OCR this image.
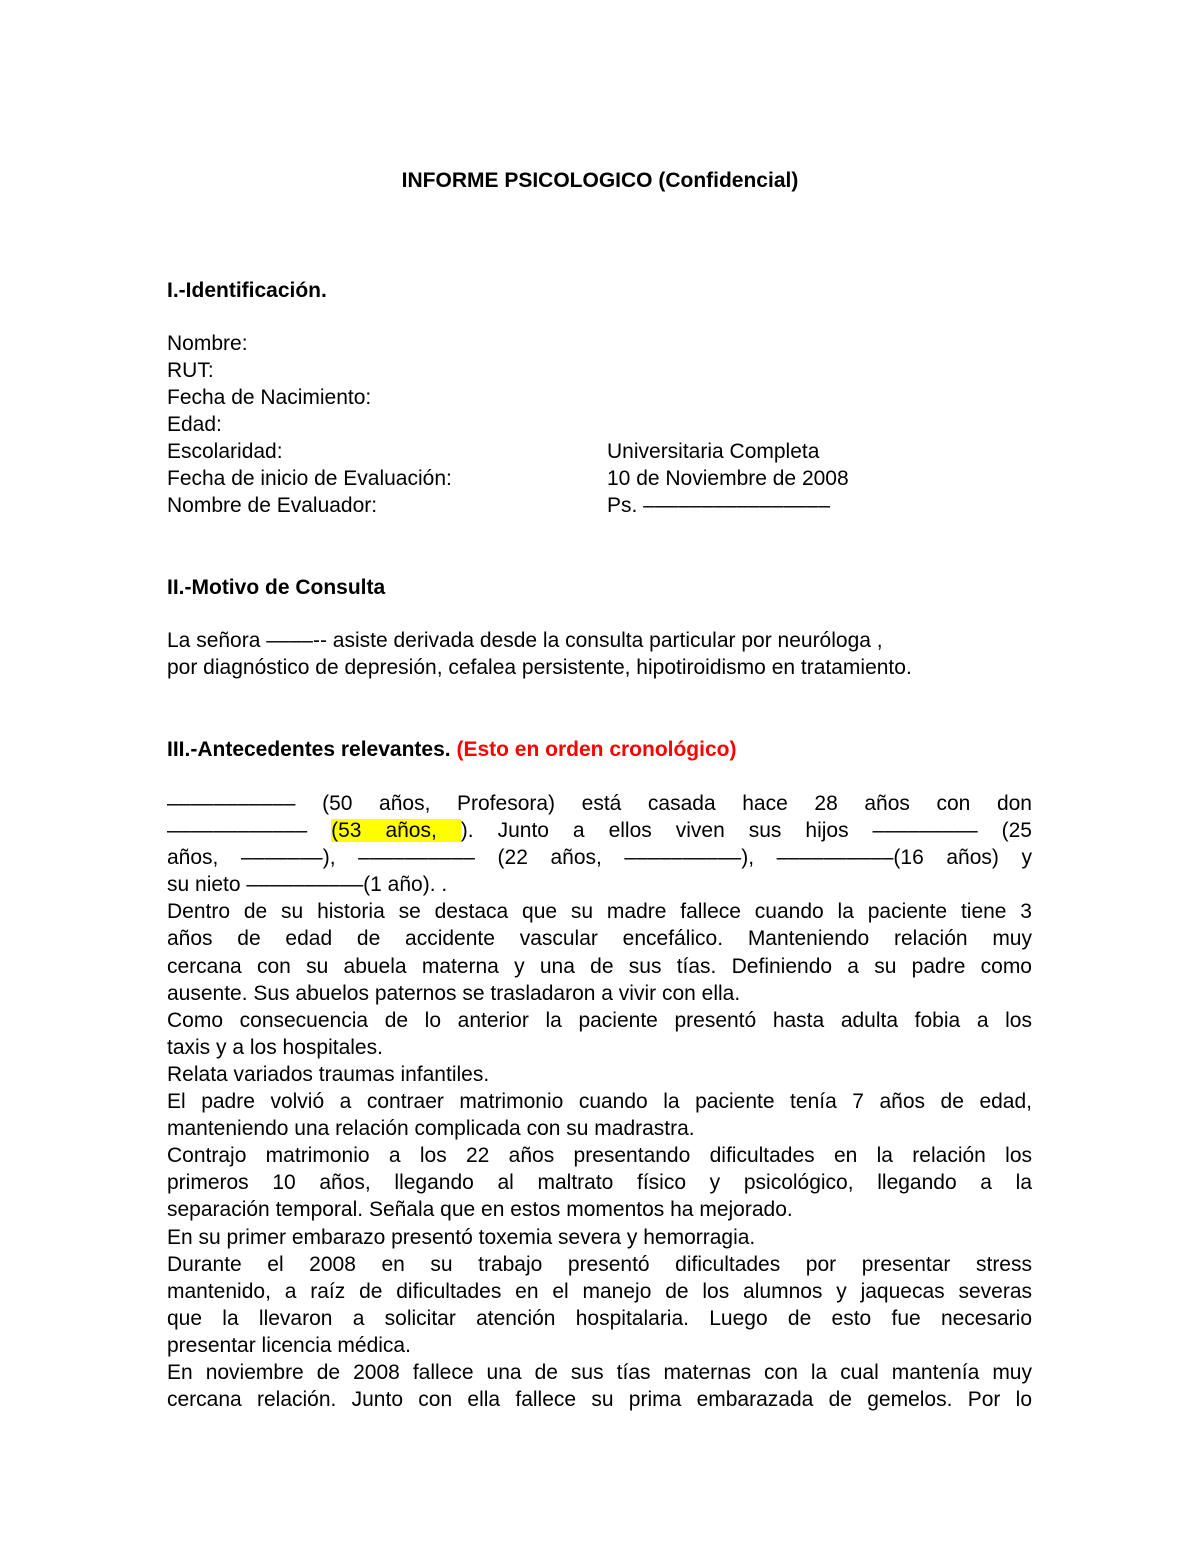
INFORME PSICOLOGICO (Confidencial)
I.-Identificación.
Nombre:
RUT:
Fecha de Nacimiento:
Edad:
Escolaridad:	Universitaria Completa
Fecha de inicio de Evaluación:	10 de Noviembre de 2008
Nombre de Evaluador:	Ps. ––––––––––––––––
II.-Motivo de Consulta
La señora ––––-- asiste derivada desde la consulta particular por neuróloga ,
por diagnóstico de depresión, cefalea persistente, hipotiroidismo en tratamiento.
III.-Antecedentes relevantes. (Esto en orden cronológico)
––––––––––– (50 años, Profesora) está casada hace 28 años con don
–––––––––––– (53 años, ). Junto a ellos viven sus hijos ––––––––– (25
años, –––––––), –––––––––– (22 años, ––––––––––), ––––––––––(16 años) y
su nieto ––––––––––(1 año). .
Dentro de su historia se destaca que su madre fallece cuando la paciente tiene 3
años de edad de accidente vascular encefálico. Manteniendo relación muy
cercana con su abuela materna y una de sus tías. Definiendo a su padre como
ausente. Sus abuelos paternos se trasladaron a vivir con ella.
Como consecuencia de lo anterior la paciente presentó hasta adulta fobia a los
taxis y a los hospitales.
Relata variados traumas infantiles.
El padre volvió a contraer matrimonio cuando la paciente tenía 7 años de edad,
manteniendo una relación complicada con su madrastra.
Contrajo matrimonio a los 22 años presentando dificultades en la relación los
primeros 10 años, llegando al maltrato físico y psicológico, llegando a la
separación temporal. Señala que en estos momentos ha mejorado.
En su primer embarazo presentó toxemia severa y hemorragia.
Durante el 2008 en su trabajo presentó dificultades por presentar stress
mantenido, a raíz de dificultades en el manejo de los alumnos y jaquecas severas
que la llevaron a solicitar atención hospitalaria. Luego de esto fue necesario
presentar licencia médica.
En noviembre de 2008 fallece una de sus tías maternas con la cual mantenía muy
cercana relación. Junto con ella fallece su prima embarazada de gemelos. Por lo
